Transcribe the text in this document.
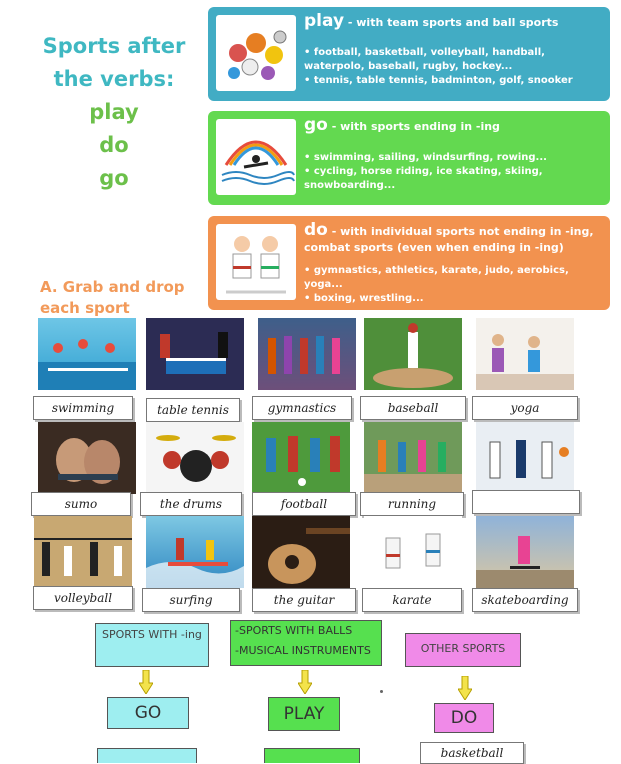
Sports after
the verbs:
play
do
go
play - with team sports and ball sports
• football, basketball, volleyball, handball, waterpolo, baseball, rugby, hockey...
• tennis, table tennis, badminton, golf, snooker
go - with sports ending in -ing
• swimming, sailing, windsurfing, rowing...
• cycling, horse riding, ice skating, skiing, snowboarding...
do - with individual sports not ending in -ing, combat sports (even when ending in -ing)
• gymnastics, athletics, karate, judo, aerobics, yoga...
• boxing, wrestling...
A. Grab and drop
each sport
swimming	table tennis	gymnastics	baseball	yoga
sumo	the drums	football	running
volleyball	surfing	the guitar	karate	skateboarding
SPORTS WITH -ing	-SPORTS WITH BALLS
-MUSICAL INSTRUMENTS	OTHER SPORTS
GO	PLAY	DO
basketball
